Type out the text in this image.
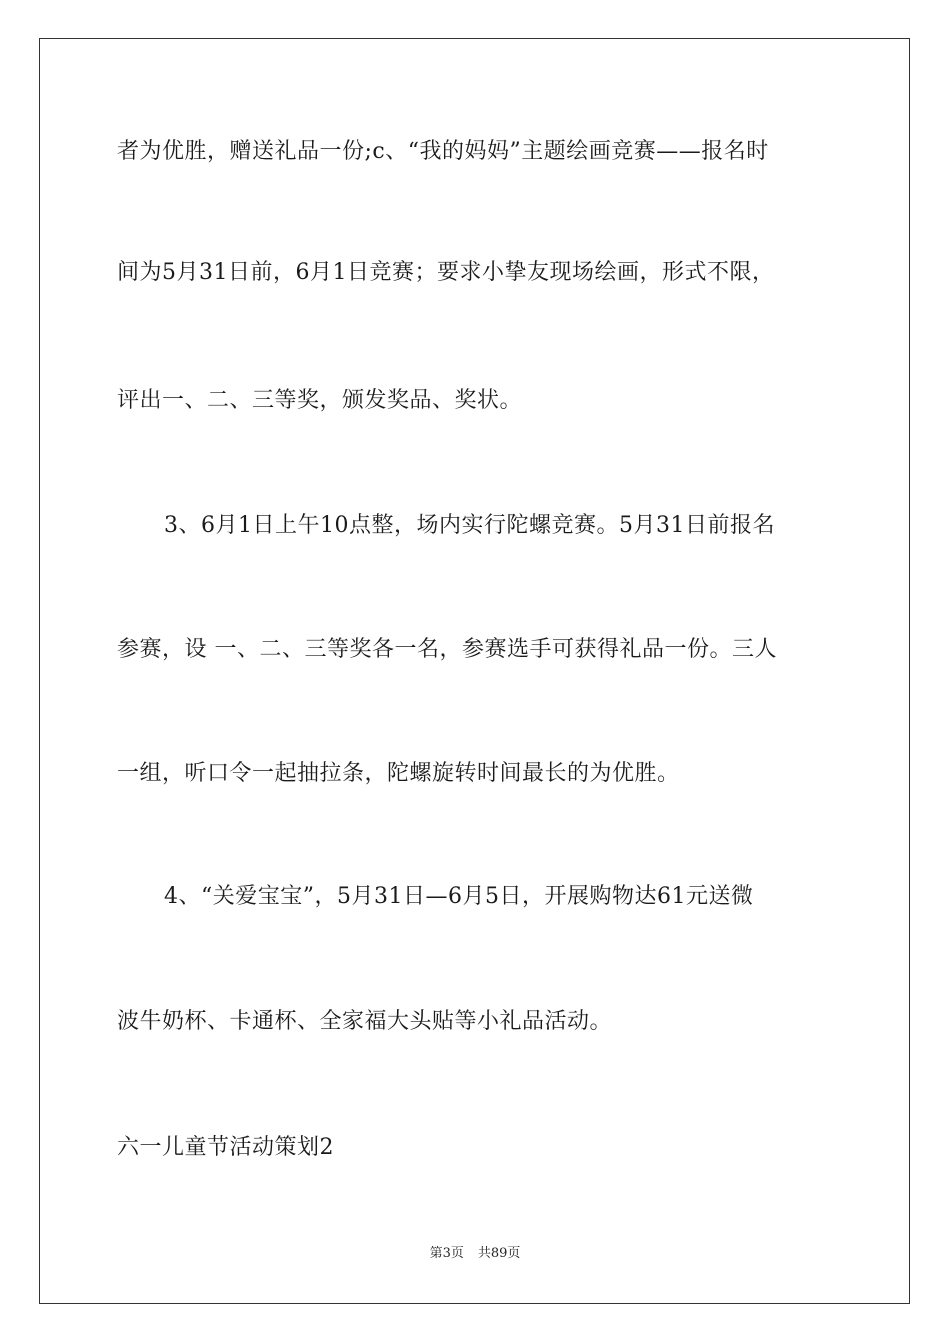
者为优胜，赠送礼品一份;c、“我的妈妈”主题绘画竞赛——报名时
间为5月31日前，6月1日竞赛；要求小挚友现场绘画，形式不限，
评出一、二、三等奖，颁发奖品、奖状。
3、6月1日上午10点整，场内实行陀螺竞赛。5月31日前报名
参赛，设 一、二、三等奖各一名，参赛选手可获得礼品一份。三人
一组，听口令一起抽拉条，陀螺旋转时间最长的为优胜。
4、“关爱宝宝”，5月31日—6月5日，开展购物达61元送微
波牛奶杯、卡通杯、全家福大头贴等小礼品活动。
六一儿童节活动策划2
第3页 共89页
